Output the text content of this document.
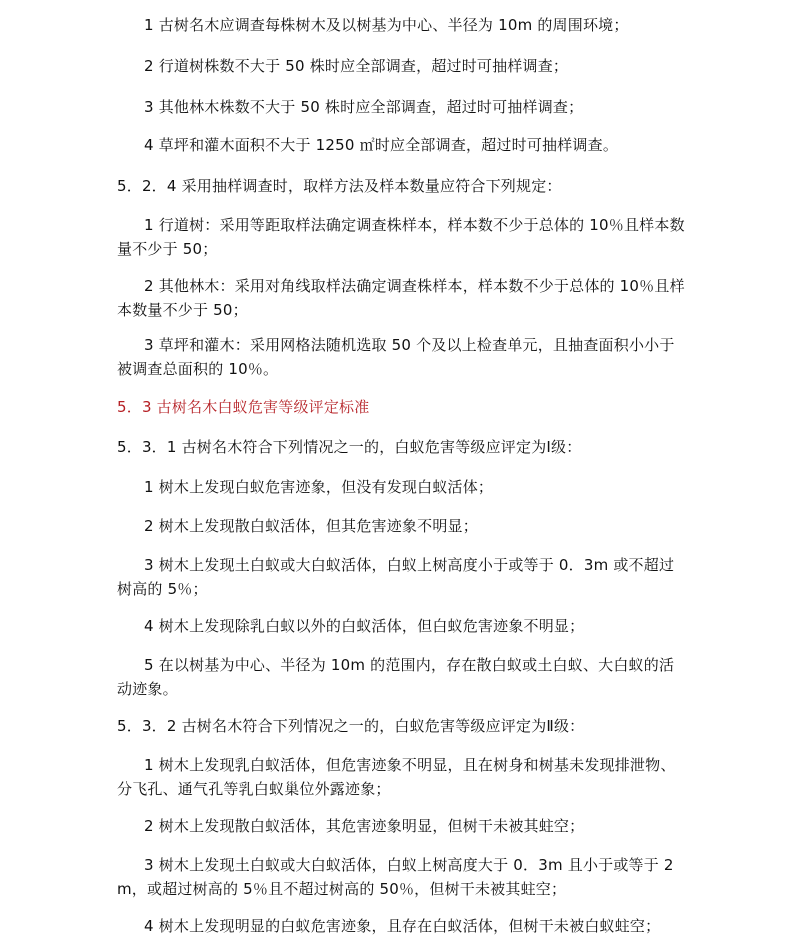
1 古树名木应调查每株树木及以树基为中心、半径为 10m 的周围环境；
2 行道树株数不大于 50 株时应全部调查，超过时可抽样调查；
3 其他林木株数不大于 50 株时应全部调查，超过时可抽样调查；
4 草坪和灌木面积不大于 1250 ㎡时应全部调查，超过时可抽样调查。
5．2．4 采用抽样调查时，取样方法及样本数量应符合下列规定：
1 行道树：采用等距取样法确定调查株样本，样本数不少于总体的 10％且样本数量不少于 50；
2 其他林木：采用对角线取样法确定调查株样本，样本数不少于总体的 10％且样本数量不少于 50；
3 草坪和灌木：采用网格法随机选取 50 个及以上检查单元，且抽查面积小小于被调查总面积的 10％。
5．3 古树名木白蚁危害等级评定标准
5．3．1 古树名木符合下列情况之一的，白蚁危害等级应评定为Ⅰ级：
1 树木上发现白蚁危害迹象，但没有发现白蚁活体；
2 树木上发现散白蚁活体，但其危害迹象不明显；
3 树木上发现土白蚁或大白蚁活体，白蚁上树高度小于或等于 0．3m 或不超过树高的 5％；
4 树木上发现除乳白蚁以外的白蚁活体，但白蚁危害迹象不明显；
5 在以树基为中心、半径为 10m 的范围内，存在散白蚁或土白蚁、大白蚁的活动迹象。
5．3．2 古树名木符合下列情况之一的，白蚁危害等级应评定为Ⅱ级：
1 树木上发现乳白蚁活体，但危害迹象不明显，且在树身和树基未发现排泄物、分飞孔、通气孔等乳白蚁巢位外露迹象；
2 树木上发现散白蚁活体，其危害迹象明显，但树干未被其蛀空；
3 树木上发现土白蚁或大白蚁活体，白蚁上树高度大于 0．3m 且小于或等于 2m，或超过树高的 5％且不超过树高的 50％，但树干未被其蛀空；
4 树木上发现明显的白蚁危害迹象，且存在白蚁活体，但树干未被白蚁蛀空；
